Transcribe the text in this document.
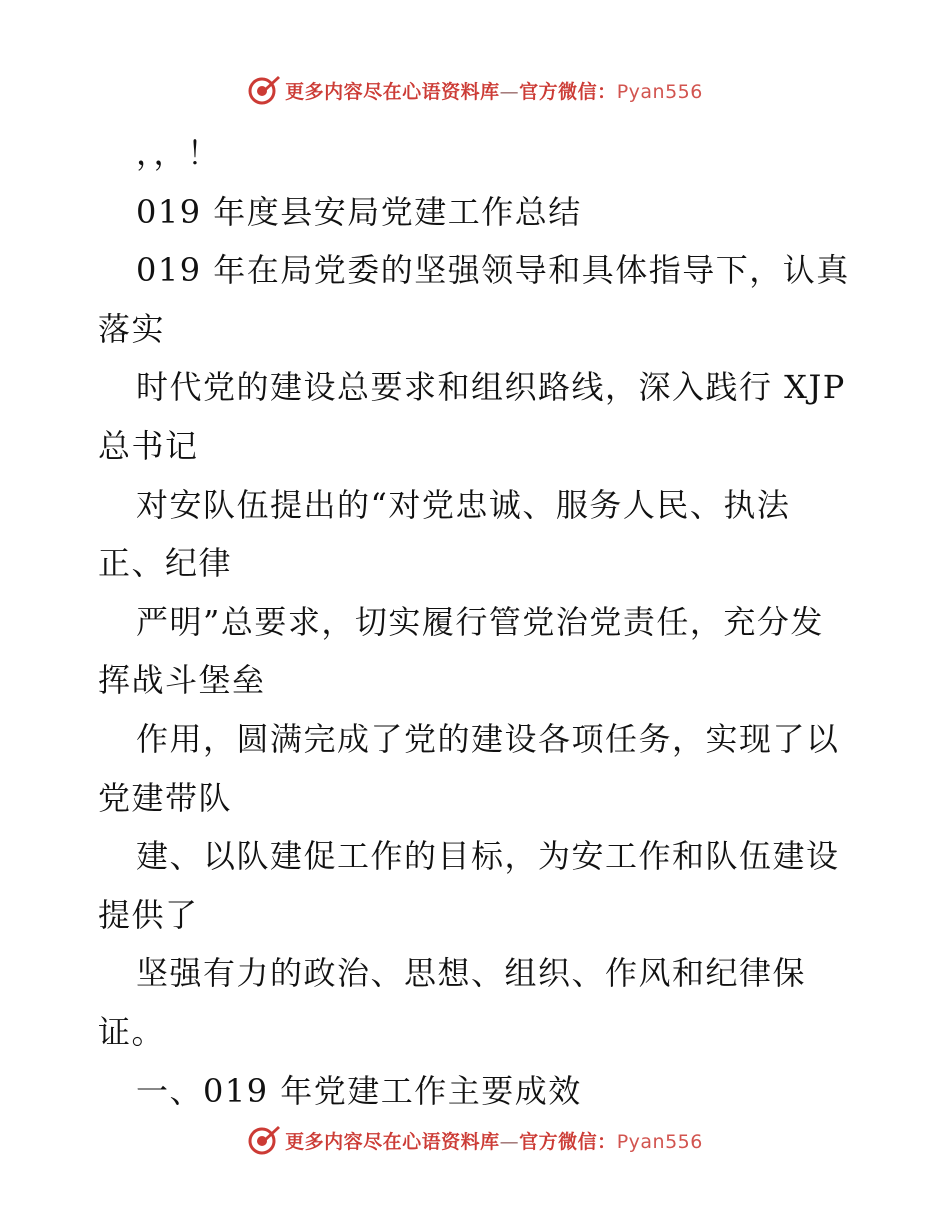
更多内容尽在心语资料库—官方微信：Pyan556
，，！
019 年度县安局党建工作总结
019 年在局党委的坚强领导和具体指导下，认真
落实
时代党的建设总要求和组织路线，深入践行 XJP
总书记
对安队伍提出的“对党忠诚、服务人民、执法
正、纪律
严明”总要求，切实履行管党治党责任，充分发
挥战斗堡垒
作用，圆满完成了党的建设各项任务，实现了以
党建带队
建、以队建促工作的目标，为安工作和队伍建设
提供了
坚强有力的政治、思想、组织、作风和纪律保
证。
一、019 年党建工作主要成效
更多内容尽在心语资料库—官方微信：Pyan556
